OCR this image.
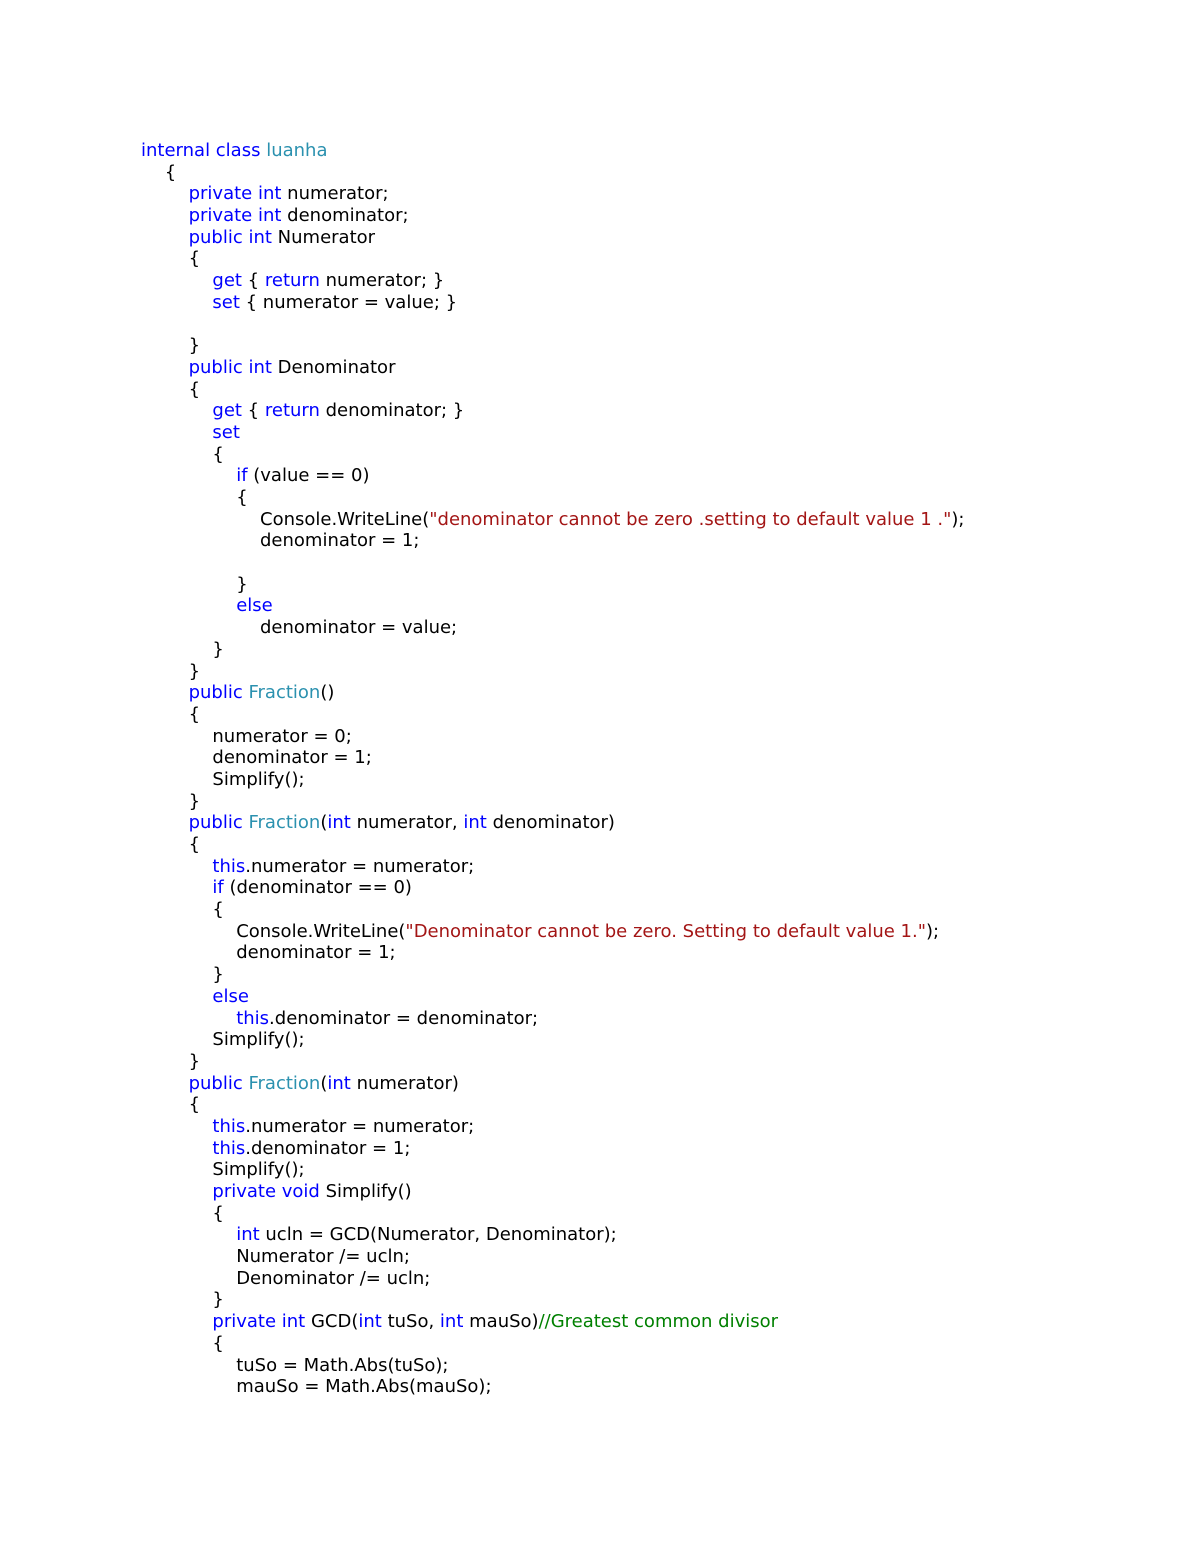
internal class luanha
{
private int numerator;
private int denominator;
public int Numerator
{
get { return numerator; }
set { numerator = value; }

}
public int Denominator
{
get { return denominator; }
set
{
if (value == 0)
{
Console.WriteLine("denominator cannot be zero .setting to default value 1 .");
denominator = 1;

}
else
denominator = value;
}
}
public Fraction()
{
numerator = 0;
denominator = 1;
Simplify();
}
public Fraction(int numerator, int denominator)
{
this.numerator = numerator;
if (denominator == 0)
{
Console.WriteLine("Denominator cannot be zero. Setting to default value 1.");
denominator = 1;
}
else
this.denominator = denominator;
Simplify();
}
public Fraction(int numerator)
{
this.numerator = numerator;
this.denominator = 1;
Simplify();
private void Simplify()
{
int ucln = GCD(Numerator, Denominator);
Numerator /= ucln;
Denominator /= ucln;
}
private int GCD(int tuSo, int mauSo)//Greatest common divisor
{
tuSo = Math.Abs(tuSo);
mauSo = Math.Abs(mauSo);
